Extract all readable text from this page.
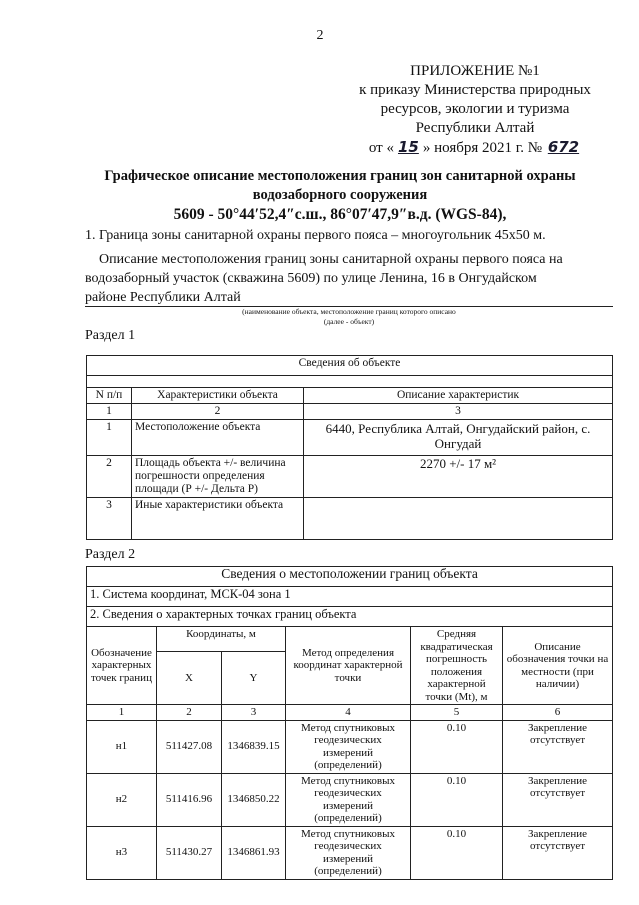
2
ПРИЛОЖЕНИЕ №1
к приказу Министерства природных
ресурсов, экологии и туризма
Республики Алтай
от « 15 » ноября 2021 г. № 672
Графическое описание местоположения границ зон санитарной охраны
водозаборного сооружения
5609 - 50°44′52,4″с.ш., 86°07′47,9″в.д. (WGS-84),
1. Граница зоны санитарной охраны первого пояса – многоугольник 45х50 м.
Описание местоположения границ зоны санитарной охраны первого пояса на
водозаборный участок (скважина 5609) по улице Ленина, 16 в Онгудайском
районе Республики Алтай
(наименование объекта, местоположение границ которого описано
(далее - объект)
Раздел 1
Сведения об объекте		

N п/п	Характеристики объекта	Описание характеристик
1	2	3
1	Местоположение объекта	6440, Республика Алтай, Онгудайский район, с. Онгудай
2	Площадь объекта +/- величина погрешности определения площади (Р +/- Дельта Р)	2270 +/- 17 м²
3	Иные характеристики объекта	
Раздел 2
Сведения о местоположении границ объекта					
1. Система координат, МСК-04 зона 1					
2. Сведения о характерных точках границ объекта					
Обозначение характерных точек границ	Координаты, м		Метод определения координат характерной точки	Средняя квадратическая погрешность положения характерной точки (Mt), м	Описание обозначения точки на местности (при наличии)
	X	Y			
1	2	3	4	5	6
н1	511427.08	1346839.15	Метод спутниковых геодезических измерений (определений)	0.10	Закрепление отсутствует
н2	511416.96	1346850.22	Метод спутниковых геодезических измерений (определений)	0.10	Закрепление отсутствует
н3	511430.27	1346861.93	Метод спутниковых геодезических измерений (определений)	0.10	Закрепление отсутствует
